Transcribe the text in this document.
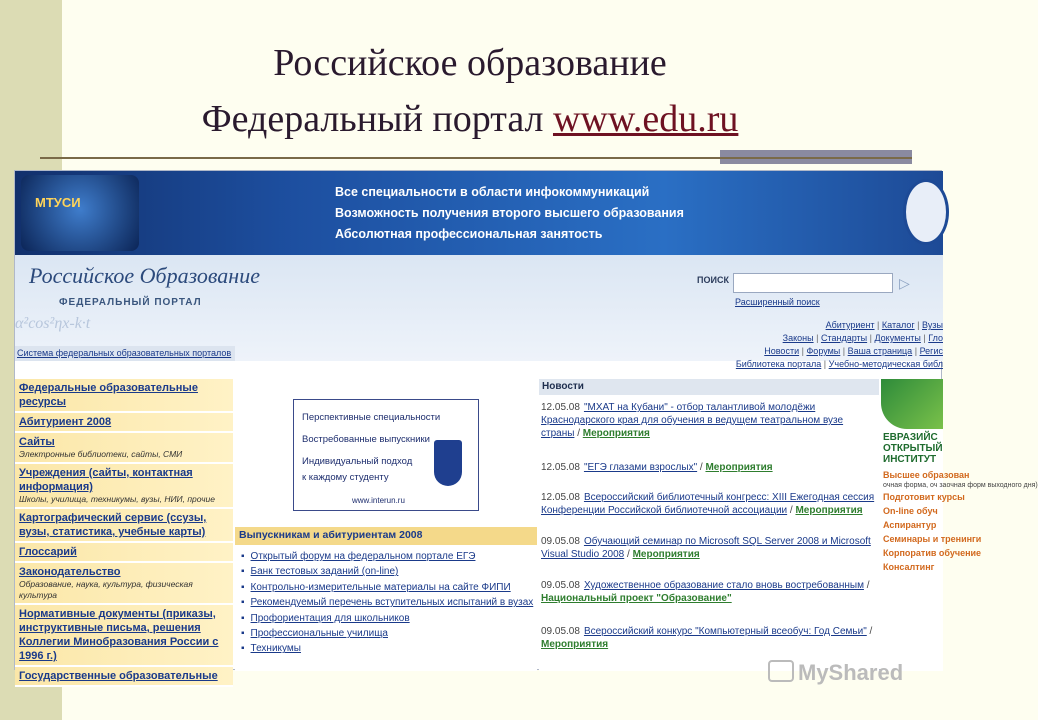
Российское образование
Федеральный портал www.edu.ru
МТУСИ
Все специальности в области инфокоммуникаций
Возможность получения второго высшего образования
Абсолютная профессиональная занятость
α²cos²ηx-k·t
Российское Образование
ФЕДЕРАЛЬНЫЙ ПОРТАЛ
ПОИСК	▷
Расширенный поиск
Абитуриент | Каталог | Вузы
Законы | Стандарты | Документы | Гло
Новости | Форумы | Ваша страница | Регис
Библиотека портала | Учебно-методическая библ
Система федеральных образовательных порталов
Федеральные образовательные ресурсы
Абитуриент 2008
Сайты
Электронные библиотеки, сайты, СМИ
Учреждения (сайты, контактная информация)
Школы, училища, техникумы, вузы, НИИ, прочие
Картографический сервис (ссузы, вузы, статистика, учебные карты)
Глоссарий
Законодательство
Образование, наука, культура, физическая культура
Нормативные документы (приказы, инструктивные письма, решения Коллегии Минобразования России с 1996 г.)
Государственные образовательные
Перспективные специальности
Востребованные выпускники
Индивидуальный подход
к каждому студенту
www.interun.ru
Выпускникам и абитуриентам 2008
▪ Открытый форум на федеральном портале ЕГЭ
▪ Банк тестовых заданий (on-line)
▪ Контрольно-измерительные материалы на сайте ФИПИ
▪ Рекомендуемый перечень вступительных испытаний в вузах
▪ Профориентация для школьников
▪ Профессиональные училища
▪ Техникумы
Новости
12.05.08 "МХАТ на Кубани" - отбор талантливой молодёжи Краснодарского края для обучения в ведущем театральном вузе страны / Мероприятия
12.05.08 "ЕГЭ глазами взрослых" / Мероприятия
12.05.08 Всероссийский библиотечный конгресс: XIII Ежегодная сессия Конференции Российской библиотечной ассоциации / Мероприятия
09.05.08 Обучающий семинар по Microsoft SQL Server 2008 и Microsoft Visual Studio 2008 / Мероприятия
09.05.08 Художественное образование стало вновь востребованным / Национальный проект "Образование"
09.05.08 Всероссийский конкурс "Компьютерный всеобуч: Год Семьи" / Мероприятия
ЕВРАЗИЙС
ОТКРЫТЫЙ
ИНСТИТУТ
Высшее образован
очная форма, оч заочная форм выходного дня)
Подготовит курсы
On-line обуч
Аспирантур
Семинары и тренинги
Корпоратив обучение
Консалтинг
MyShared
